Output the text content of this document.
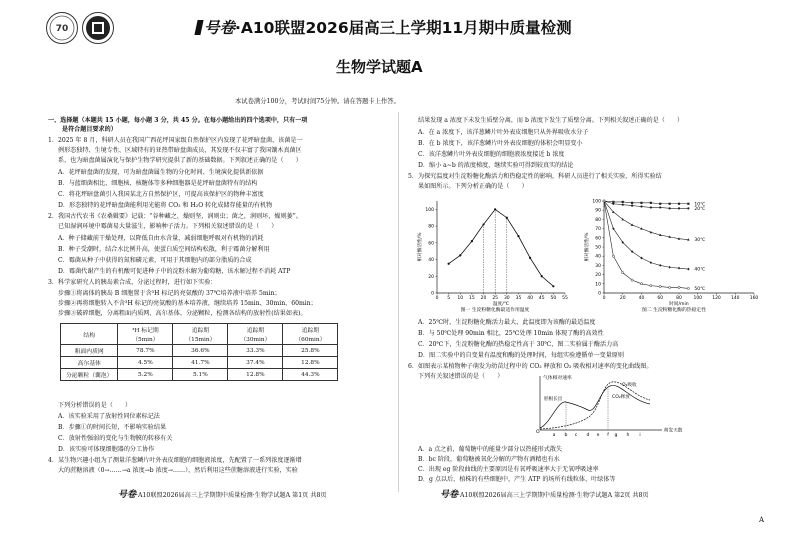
70	号卷·A10联盟2026届高三上学期11月期中质量检测
生物学试题A
本试卷满分100分，考试时间75分钟。请在答题卡上作答。
一、选择题（本题共 15 小题，每小题 3 分，共 45 分。在每小题给出的四个选项中，只有一项
是符合题目要求的）
1．2025 年 8 月，科研人员在我国广西花坪国家级自然保护区内发现了花坪暗盘菌，该菌是一
例形态独特、生境专性、区域特有的亚热带暗盘菌成员，其发现不仅丰富了我国馕木真菌区
系，也为暗盘菌属演化与保护生物学研究提供了新的基础数据。下列叙述正确的是（　　）
A．花坪暗盘菌的发现，可为暗盘菌属生物的分化时间、生境演化提供新依据
B．与蓝细菌相比，细胞核、核糖体等多种细胞器是花坪暗盘菌特有的结构
C．将花坪暗盘菌引入我国某北方自然保护区，可提高该保护区的物种丰富度
D．形态独特的花坪暗盘菌能利用光能将 CO₂ 和 H₂O 转化成储存能量的有机物
2．我国古代农书《农桑辑要》记载：“谷种藏之，燥则坚，润则虫；菌之，润则坏，燥则萎”。
已知湿润环境中霉菌易大量滋生，影响种子活力。下列相关叙述错误的是（　　）
A．种子储藏前干燥处理，以降低自由水含量，减弱细胞呼吸对有机物的消耗
B．种子受潮时，结合水比例升高，使蛋白质空间结构松散，利于霉菌分解利用
C．霉菌从种子中获得的氮和磷元素，可用于其细胞内的部分脂质的合成
D．霉菌代谢产生的有机酸可促进种子中的淀粉水解为葡萄糖，该水解过程不消耗 ATP
3．科学家研究人的胰岛素合成、分泌过程时，进行如下实验：
步骤①将离体的胰岛 B 细胞置于含³H 标记的亮氨酸的 37℃培养液中培养 5min；
步骤②再将细胞转入不含³H 标记的亮氨酸的基本培养液，继续培养 15min、30min、60min；
步骤③破碎细胞，分离粗面内质网、高尔基体、分泌颗粒，检测各结构的放射性(结果如表)。
结构	³H 标记期（5min）	追踪期（15min）	追踪期（30min）	追踪期（60min）
粗面内质网	78.7%	36.6%	33.3%	25.8%
高尔基体	4.5%	41.7%	37.4%	12.8%
分泌颗粒（囊泡）	5.2%	5.1%	12.8%	44.3%
下列分析错误的是（　　）
A．该实验采用了放射性同位素标记法
B．步骤①的时间长短，不影响实验结果
C．放射性强弱的变化与生物膜的转移有关
D．该实验可体现细胞器的分工协作
4．某生物兴趣小组为了测量洋葱鳞片叶外表皮细胞的细胞液浓度，先配置了一系列浓度逐渐增
大的蔗糖溶液（0→……→a 浓度→b 浓度→……），然后利用这些蔗糖溶液进行实验，实验
号卷·A10联盟2026届高三上学期期中质量检测·生物学试题A 第1页 共8页
结果发现 a 浓度下未发生质壁分离，而 b 浓度下发生了质壁分离。下列相关叙述正确的是（　　）
A．在 a 浓度下，该洋葱鳞片叶外表皮细胞只从外界吸收水分子
B．在 b 浓度下，该洋葱鳞片叶外表皮细胞的体积会明显变小
C．该洋葱鳞片叶外表皮细胞的细胞液浓度接近 b 浓度
D．缩小 a~b 的浓度梯度，继续实验可得到较真实的结论
5．为探究温度对生淀粉糖化酶活力和热稳定性的影响，科研人员进行了相关实验，所得实验结
果如图所示。下列分析正确的是（　　）
0 5 10 15 20 25 30 35 40 45 50 55
0
20
40
60
80
100
温度/℃
相对酶活性/%
图一 生淀粉糖化酶最适作用温度
0	20	40	60	80	100 120 140 160
0
10
20
30
40
50
60
70
80
90
100
10℃
20℃
30℃
40℃
50℃
时间/min
相对酶活性/%
图二 生淀粉糖化酶的热稳定性
A．25℃时，生淀粉糖化酶活力最大，此温度即为该酶的最适温度
B．与 50℃处理 90min 相比，25℃处理 10min 体现了酶的高效性
C．20℃下，生淀粉糖化酶的热稳定性高于 30℃，图二实验属于酶活力高
D．图二实验中的自变量有温度和酶的处理时间，每组实验遵循单一变量原则
6．如图表示某植物种子萌发为幼苗过程中的 CO₂ 释放和 O₂ 吸收相对速率的变化曲线图。
下列有关叙述错误的是（　　）	气体相对速率
萌发天数
O
a b c d e f g h i
O₂吸收
CO₂释放
胚根长出
A．a 点之前，葡萄糖中的能量少部分以热能形式散失
B．bc 阶段，葡萄糖被氧化分解的产物有酒精也有水
C．出现 eg 阶段曲线的主要原因是有氧呼吸速率大于无氧呼吸速率
D．g 点以后，植株的有些细胞中，产生 ATP 的场所有线粒体、叶绿体等
号卷·A10联盟2026届高三上学期期中质量检测·生物学试题A 第2页 共8页
A
